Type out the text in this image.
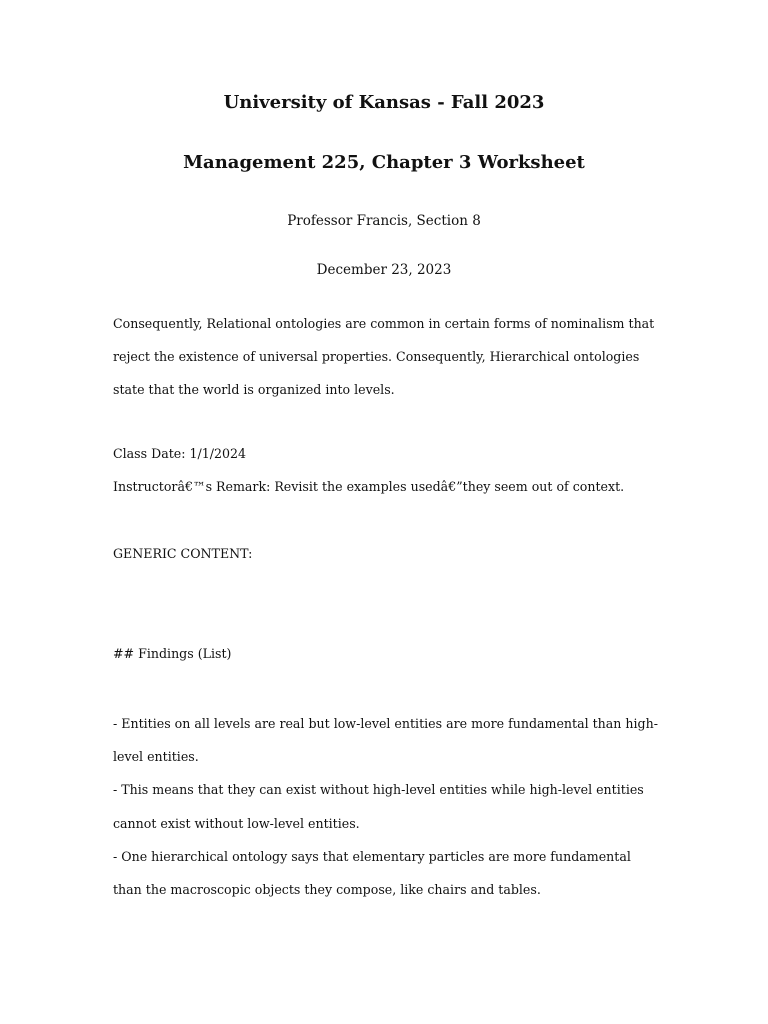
University of Kansas - Fall 2023
Management 225, Chapter 3 Worksheet

Professor Francis, Section 8

December 23, 2023

Consequently, Relational ontologies are common in certain forms of nominalism that reject the existence of universal properties. Consequently, Hierarchical ontologies state that the world is organized into levels.

Class Date: 1/1/2024

Instructorâ€™s Remark: Revisit the examples usedâ€”they seem out of context.

GENERIC CONTENT:

## Findings (List)

- Entities on all levels are real but low-level entities are more fundamental than high-level entities.
- This means that they can exist without high-level entities while high-level entities cannot exist without low-level entities.
- One hierarchical ontology says that elementary particles are more fundamental than the macroscopic objects they compose, like chairs and tables.
